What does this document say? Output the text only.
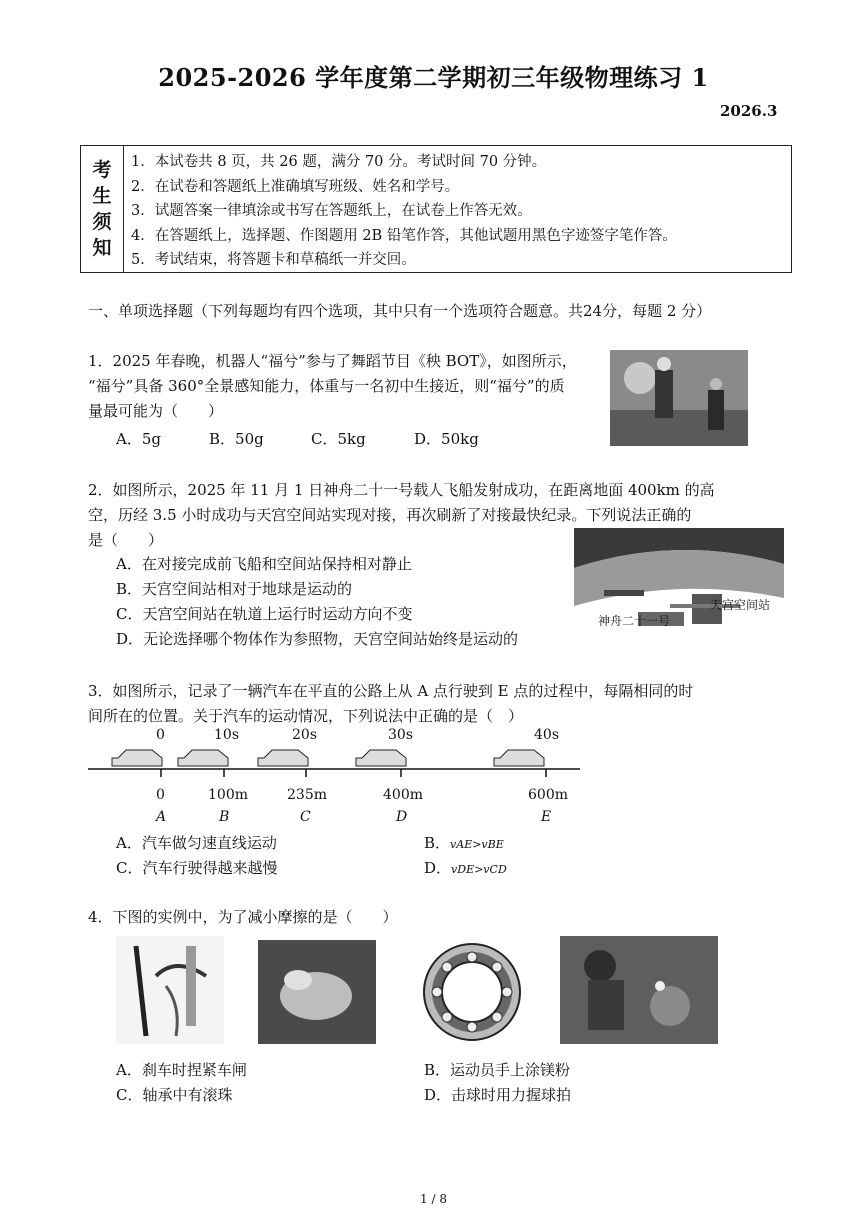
2025-2026 学年度第二学期初三年级物理练习 1
2026.3
考
生
须
知
1．本试卷共 8 页，共 26 题，满分 70 分。考试时间 70 分钟。
2．在试卷和答题纸上准确填写班级、姓名和学号。
3．试题答案一律填涂或书写在答题纸上，在试卷上作答无效。
4．在答题纸上，选择题、作图题用 2B 铅笔作答，其他试题用黑色字迹签字笔作答。
5．考试结束，将答题卡和草稿纸一并交回。
一、单项选择题（下列每题均有四个选项，其中只有一个选项符合题意。共24分，每题 2 分）
1．2025 年春晚，机器人“福兮”参与了舞蹈节目《秧 BOT》，如图所示，
“福兮”具备 360°全景感知能力，体重与一名初中生接近，则“福兮”的质
量最可能为（　　）
A．5g	B．50g	C．5kg	D．50kg
2．如图所示，2025 年 11 月 1 日神舟二十一号载人飞船发射成功，在距离地面 400km 的高
空，历经 3.5 小时成功与天宫空间站实现对接，再次刷新了对接最快纪录。下列说法正确的
是（　　）
A．在对接完成前飞船和空间站保持相对静止
B．天宫空间站相对于地球是运动的
C．天宫空间站在轨道上运行时运动方向不变
D．无论选择哪个物体作为参照物，天宫空间站始终是运动的
天宫空间站
神舟二十一号
3．如图所示，记录了一辆汽车在平直的公路上从 A 点行驶到 E 点的过程中，每隔相同的时
间所在的位置。关于汽车的运动情况，下列说法中正确的是（　）
0	10s	20s	30s	40s
0	100m	235m	400m	600m
A	B	C	D	E
A．汽车做匀速直线运动	B．vAE>vBE
C．汽车行驶得越来越慢	D．vDE>vCD
4．下图的实例中，为了减小摩擦的是（　　）
A．刹车时捏紧车闸	B．运动员手上涂镁粉
C．轴承中有滚珠	D．击球时用力握球拍
1 / 8
